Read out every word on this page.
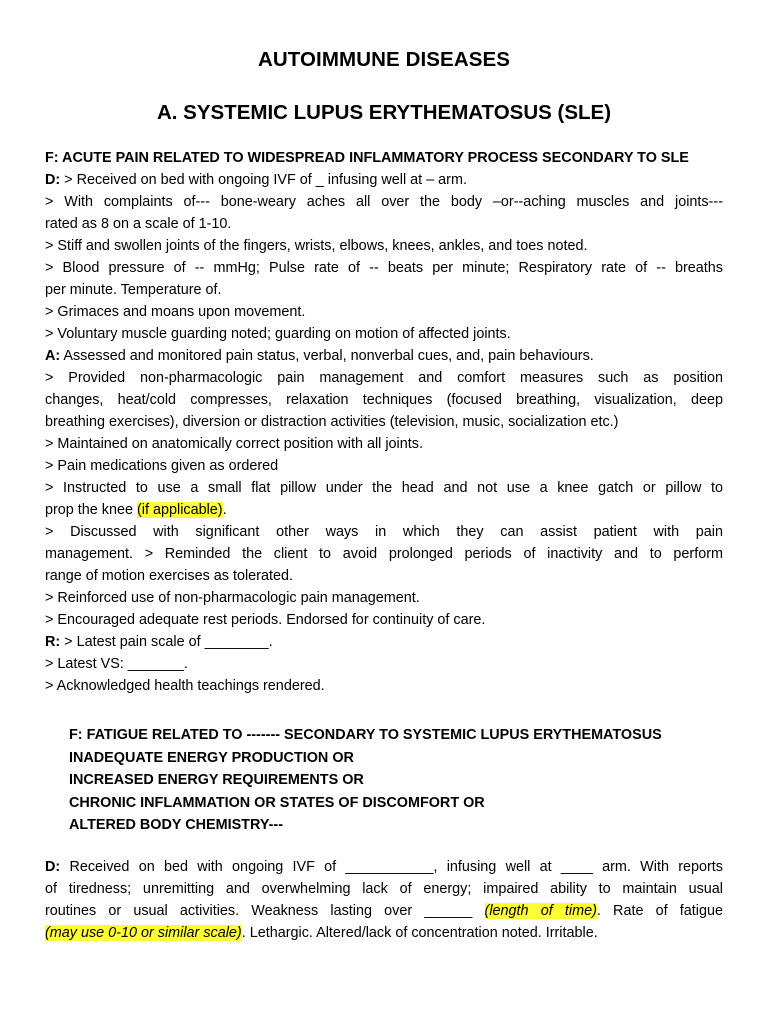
AUTOIMMUNE DISEASES
A. SYSTEMIC LUPUS ERYTHEMATOSUS (SLE)

F: ACUTE PAIN RELATED TO WIDESPREAD INFLAMMATORY PROCESS SECONDARY TO SLE

D: > Received on bed with ongoing IVF of _ infusing well at – arm.

> With complaints of--- bone-weary aches all over the body –or--aching muscles and joints---

rated as 8 on a scale of 1-10.

> Stiff and swollen joints of the fingers, wrists, elbows, knees, ankles, and toes noted.

> Blood pressure of -- mmHg; Pulse rate of -- beats per minute; Respiratory rate of -- breaths

per minute. Temperature of.

> Grimaces and moans upon movement.

> Voluntary muscle guarding noted; guarding on motion of affected joints.

A: Assessed and monitored pain status, verbal, nonverbal cues, and, pain behaviours.

> Provided non-pharmacologic pain management and comfort measures such as position

changes, heat/cold compresses, relaxation techniques (focused breathing, visualization, deep

breathing exercises), diversion or distraction activities (television, music, socialization etc.)

> Maintained on anatomically correct position with all joints.

> Pain medications given as ordered

> Instructed to use a small flat pillow under the head and not use a knee gatch or pillow to

prop the knee (if applicable).

> Discussed with significant other ways in which they can assist patient with pain

management. > Reminded the client to avoid prolonged periods of inactivity and to perform

range of motion exercises as tolerated.

> Reinforced use of non-pharmacologic pain management.

> Encouraged adequate rest periods. Endorsed for continuity of care.

R: > Latest pain scale of ________.

> Latest VS: _______.

> Acknowledged health teachings rendered.

F: FATIGUE RELATED TO ------- SECONDARY TO SYSTEMIC LUPUS ERYTHEMATOSUS
INADEQUATE ENERGY PRODUCTION OR
INCREASED ENERGY REQUIREMENTS OR
CHRONIC INFLAMMATION OR STATES OF DISCOMFORT OR
ALTERED BODY CHEMISTRY---

D: Received on bed with ongoing IVF of ___________, infusing well at ____ arm. With reports

of tiredness; unremitting and overwhelming lack of energy; impaired ability to maintain usual

routines or usual activities. Weakness lasting over ______ (length of time). Rate of fatigue

(may use 0-10 or similar scale). Lethargic. Altered/lack of concentration noted. Irritable.
